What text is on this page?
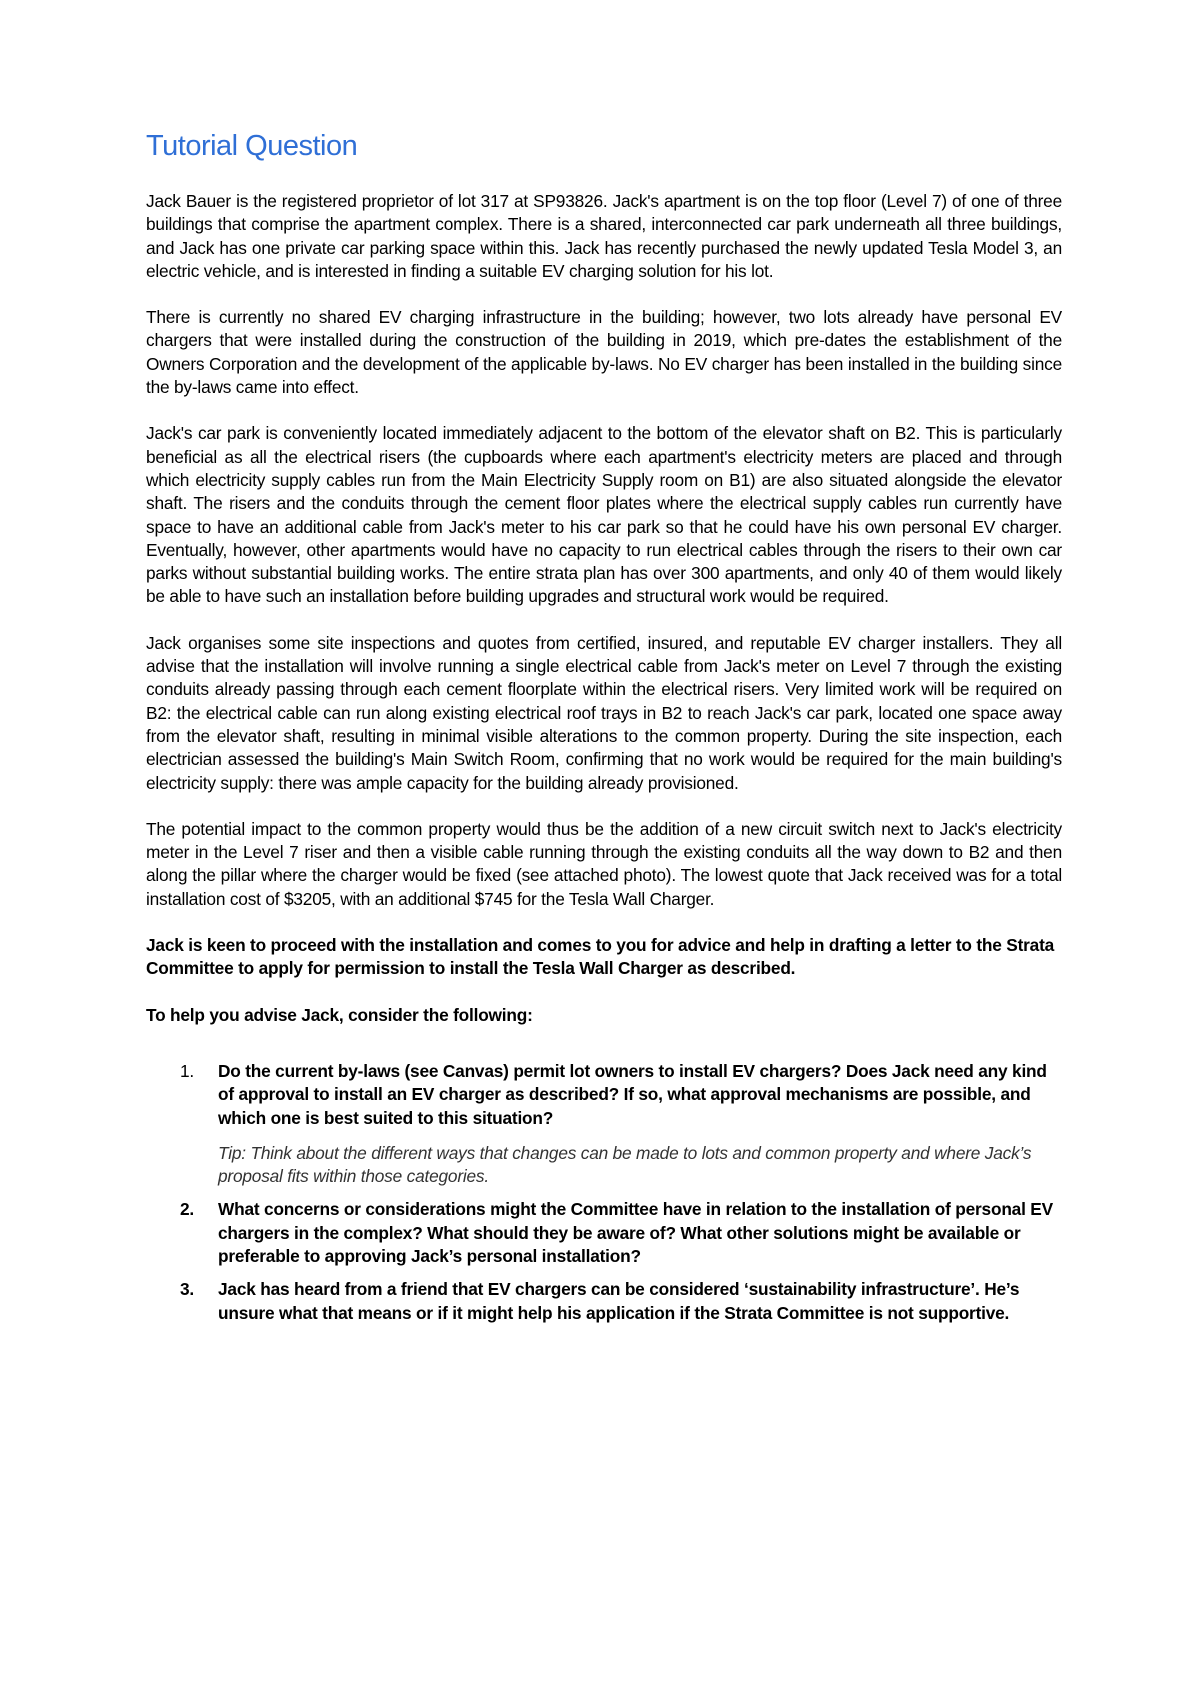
Tutorial Question

Jack Bauer is the registered proprietor of lot 317 at SP93826. Jack's apartment is on the top floor (Level 7) of one of three buildings that comprise the apartment complex. There is a shared, interconnected car park underneath all three buildings, and Jack has one private car parking space within this. Jack has recently purchased the newly updated Tesla Model 3, an electric vehicle, and is interested in finding a suitable EV charging solution for his lot.

There is currently no shared EV charging infrastructure in the building; however, two lots already have personal EV chargers that were installed during the construction of the building in 2019, which pre-dates the establishment of the Owners Corporation and the development of the applicable by-laws. No EV charger has been installed in the building since the by-laws came into effect.

Jack's car park is conveniently located immediately adjacent to the bottom of the elevator shaft on B2. This is particularly beneficial as all the electrical risers (the cupboards where each apartment's electricity meters are placed and through which electricity supply cables run from the Main Electricity Supply room on B1) are also situated alongside the elevator shaft. The risers and the conduits through the cement floor plates where the electrical supply cables run currently have space to have an additional cable from Jack's meter to his car park so that he could have his own personal EV charger. Eventually, however, other apartments would have no capacity to run electrical cables through the risers to their own car parks without substantial building works. The entire strata plan has over 300 apartments, and only 40 of them would likely be able to have such an installation before building upgrades and structural work would be required.

Jack organises some site inspections and quotes from certified, insured, and reputable EV charger installers. They all advise that the installation will involve running a single electrical cable from Jack's meter on Level 7 through the existing conduits already passing through each cement floorplate within the electrical risers. Very limited work will be required on B2: the electrical cable can run along existing electrical roof trays in B2 to reach Jack's car park, located one space away from the elevator shaft, resulting in minimal visible alterations to the common property. During the site inspection, each electrician assessed the building's Main Switch Room, confirming that no work would be required for the main building's electricity supply: there was ample capacity for the building already provisioned.

The potential impact to the common property would thus be the addition of a new circuit switch next to Jack's electricity meter in the Level 7 riser and then a visible cable running through the existing conduits all the way down to B2 and then along the pillar where the charger would be fixed (see attached photo). The lowest quote that Jack received was for a total installation cost of $3205, with an additional $745 for the Tesla Wall Charger.

Jack is keen to proceed with the installation and comes to you for advice and help in drafting a letter to the Strata Committee to apply for permission to install the Tesla Wall Charger as described.

To help you advise Jack, consider the following:

1. Do the current by-laws (see Canvas) permit lot owners to install EV chargers? Does Jack need any kind of approval to install an EV charger as described? If so, what approval mechanisms are possible, and which one is best suited to this situation?
Tip: Think about the different ways that changes can be made to lots and common property and where Jack’s proposal fits within those categories.
2. What concerns or considerations might the Committee have in relation to the installation of personal EV chargers in the complex? What should they be aware of? What other solutions might be available or preferable to approving Jack’s personal installation?
3. Jack has heard from a friend that EV chargers can be considered ‘sustainability infrastructure’. He’s unsure what that means or if it might help his application if the Strata Committee is not supportive.
